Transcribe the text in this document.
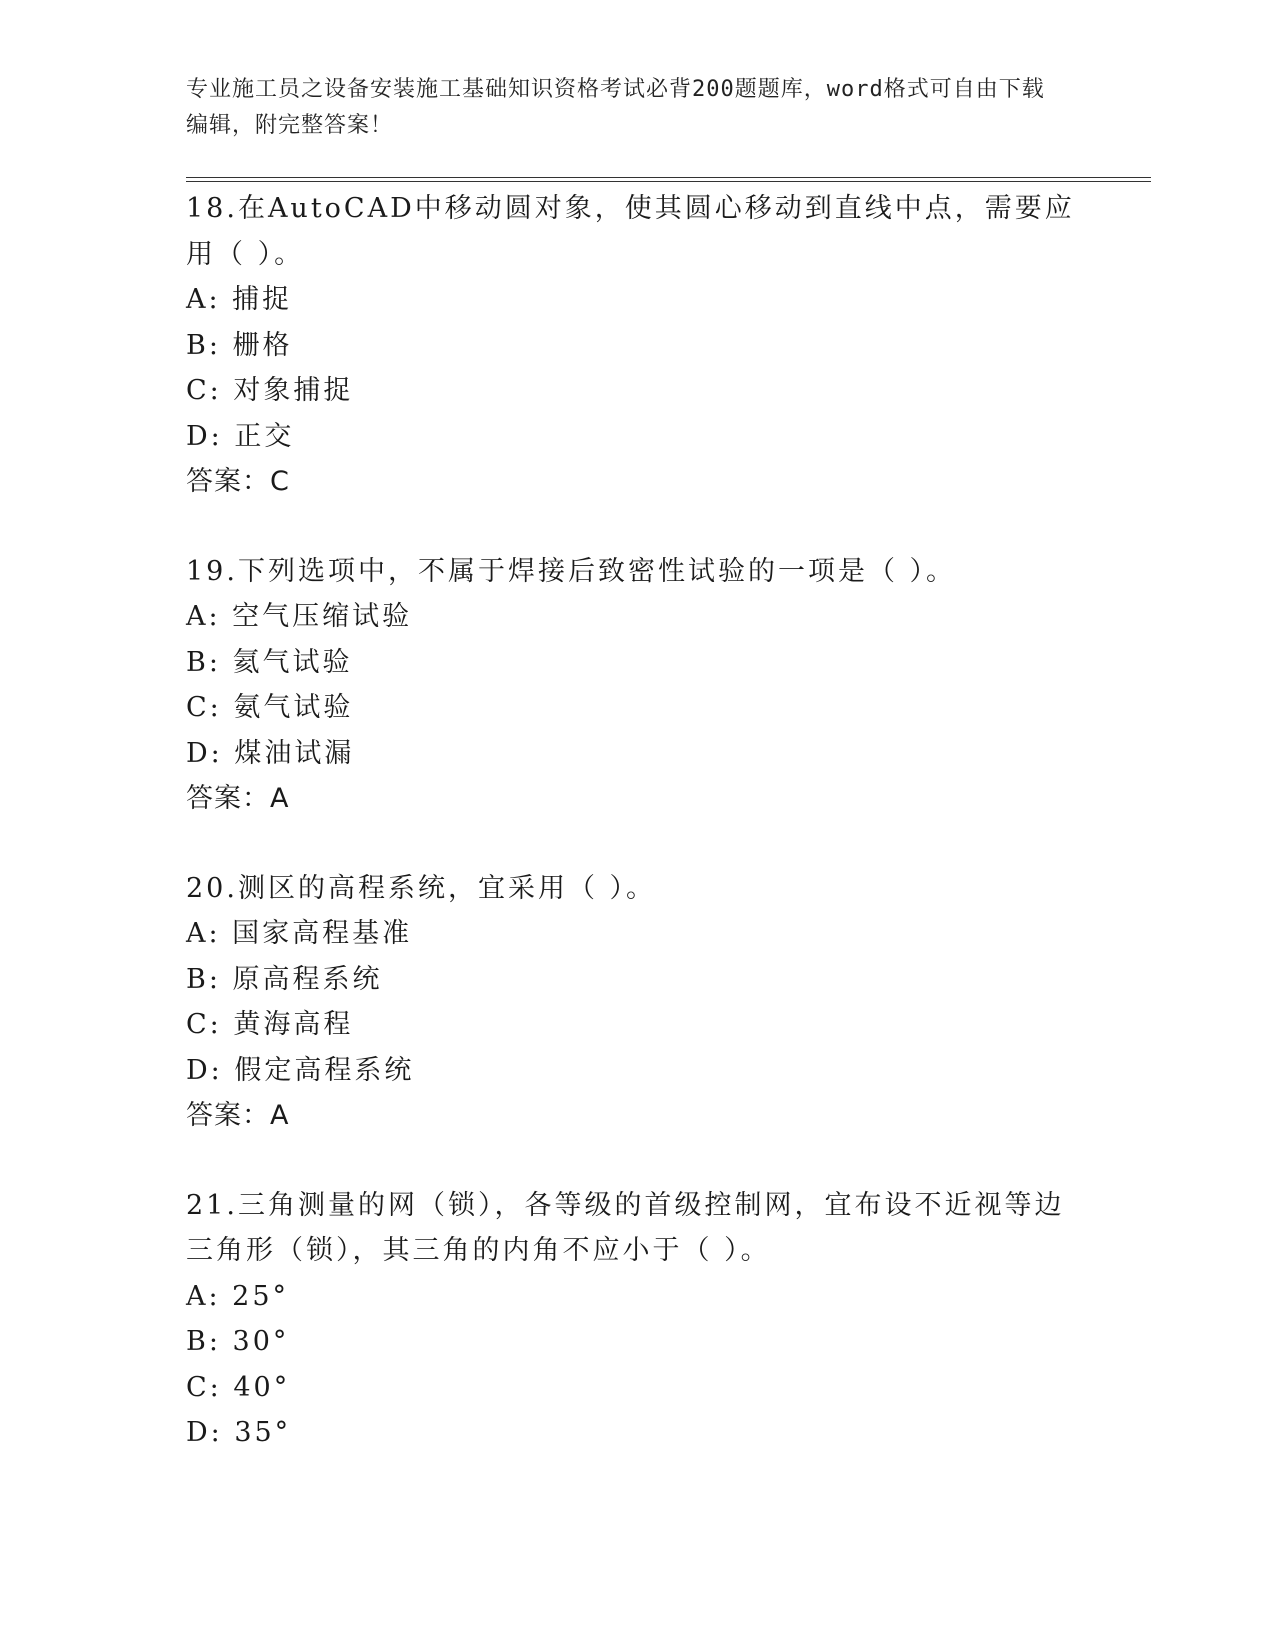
专业施工员之设备安装施工基础知识资格考试必背200题题库，word格式可自由下载编辑，附完整答案！
18.在AutoCAD中移动圆对象，使其圆心移动到直线中点，需要应用（ ）。
A: 捕捉
B: 栅格
C: 对象捕捉
D: 正交
答案：C
19.下列选项中，不属于焊接后致密性试验的一项是（ ）。
A: 空气压缩试验
B: 氦气试验
C: 氨气试验
D: 煤油试漏
答案：A
20.测区的高程系统，宜采用（ ）。
A: 国家高程基准
B: 原高程系统
C: 黄海高程
D: 假定高程系统
答案：A
21.三角测量的网（锁），各等级的首级控制网，宜布设不近视等边三角形（锁），其三角的内角不应小于（ ）。
A: 25°
B: 30°
C: 40°
D: 35°
